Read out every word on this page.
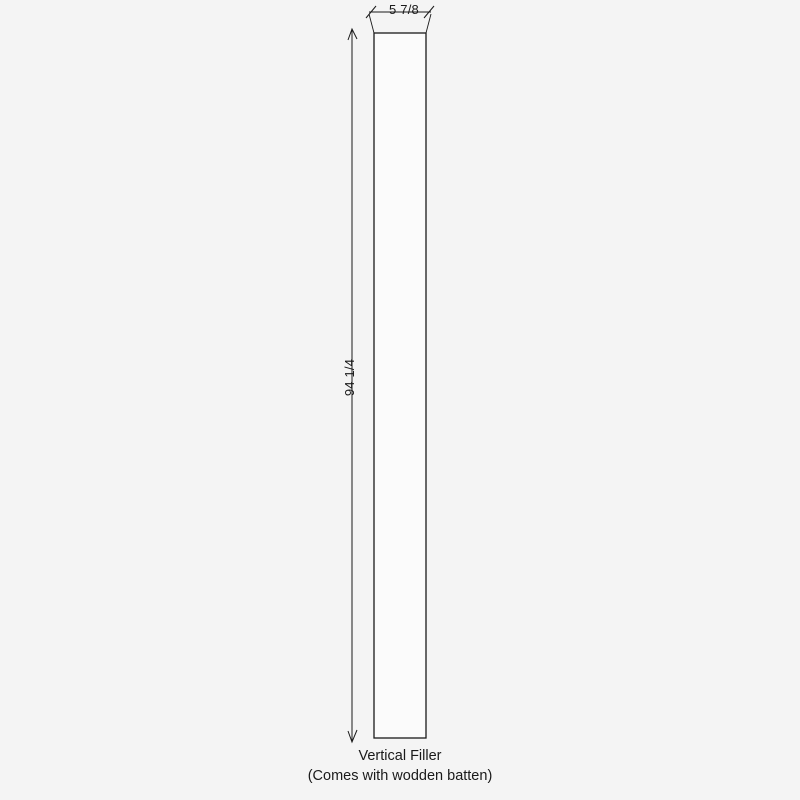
5 7/8
94 1/4
Vertical Filler
(Comes with wodden batten)
